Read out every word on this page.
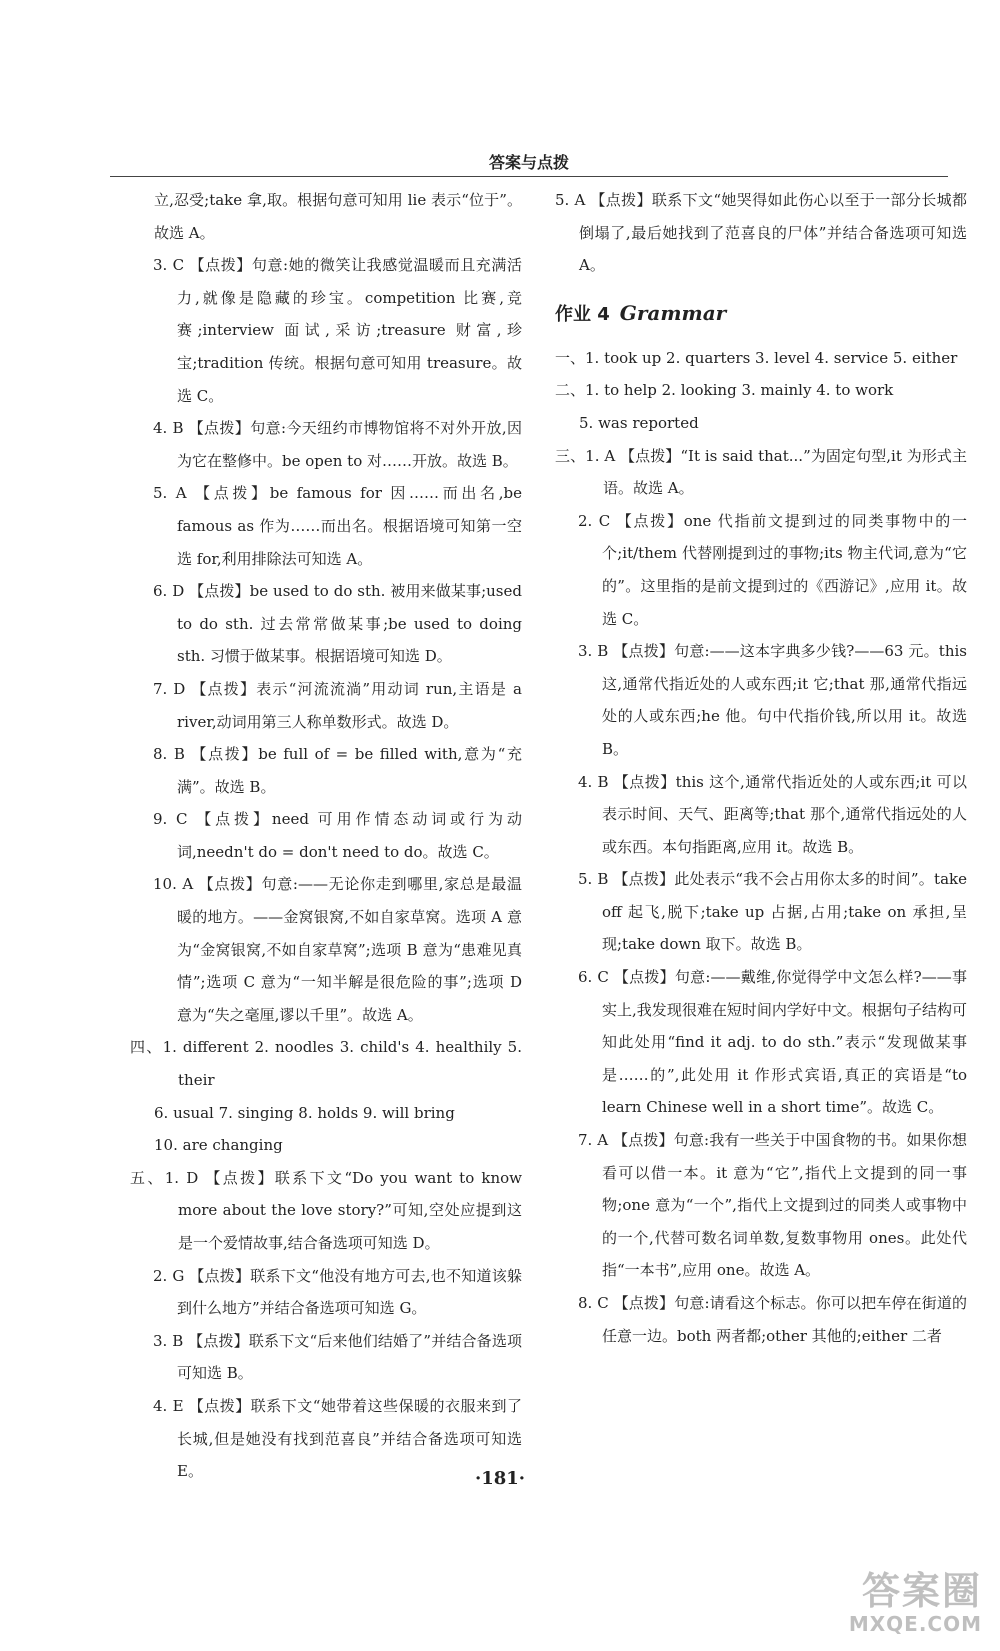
答案与点拨

立,忍受;take 拿,取。根据句意可知用 lie 表示“位于”。故选 A。

3. C 【点拨】句意:她的微笑让我感觉温暖而且充满活力,就像是隐藏的珍宝。competition 比赛,竞赛;interview 面试,采访;treasure 财富,珍宝;tradition 传统。根据句意可知用 treasure。故选 C。

4. B 【点拨】句意:今天纽约市博物馆将不对外开放,因为它在整修中。be open to 对……开放。故选 B。

5. A 【点拨】be famous for 因……而出名,be famous as 作为……而出名。根据语境可知第一空选 for,利用排除法可知选 A。

6. D 【点拨】be used to do sth. 被用来做某事;used to do sth. 过去常常做某事;be used to doing sth. 习惯于做某事。根据语境可知选 D。

7. D 【点拨】表示“河流流淌”用动词 run,主语是 a river,动词用第三人称单数形式。故选 D。

8. B 【点拨】be full of = be filled with,意为“充满”。故选 B。

9. C 【点拨】need 可用作情态动词或行为动词,needn't do = don't need to do。故选 C。

10. A 【点拨】句意:——无论你走到哪里,家总是最温暖的地方。——金窝银窝,不如自家草窝。选项 A 意为“金窝银窝,不如自家草窝”;选项 B 意为“患难见真情”;选项 C 意为“一知半解是很危险的事”;选项 D 意为“失之毫厘,谬以千里”。故选 A。

四、1. different 2. noodles 3. child's 4. healthily 5. their

6. usual 7. singing 8. holds 9. will bring

10. are changing

五、1. D 【点拨】联系下文“Do you want to know more about the love story?”可知,空处应提到这是一个爱情故事,结合备选项可知选 D。

2. G 【点拨】联系下文“他没有地方可去,也不知道该躲到什么地方”并结合备选项可知选 G。

3. B 【点拨】联系下文“后来他们结婚了”并结合备选项可知选 B。

4. E 【点拨】联系下文“她带着这些保暖的衣服来到了长城,但是她没有找到范喜良”并结合备选项可知选 E。

5. A 【点拨】联系下文“她哭得如此伤心以至于一部分长城都倒塌了,最后她找到了范喜良的尸体”并结合备选项可知选 A。

作业 4 Grammar

一、1. took up 2. quarters 3. level 4. service 5. either

二、1. to help 2. looking 3. mainly 4. to work

5. was reported

三、1. A 【点拨】“It is said that...”为固定句型,it 为形式主语。故选 A。

2. C 【点拨】one 代指前文提到过的同类事物中的一个;it/them 代替刚提到过的事物;its 物主代词,意为“它的”。这里指的是前文提到过的《西游记》,应用 it。故选 C。

3. B 【点拨】句意:——这本字典多少钱?——63 元。this 这,通常代指近处的人或东西;it 它;that 那,通常代指远处的人或东西;he 他。句中代指价钱,所以用 it。故选 B。

4. B 【点拨】this 这个,通常代指近处的人或东西;it 可以表示时间、天气、距离等;that 那个,通常代指远处的人或东西。本句指距离,应用 it。故选 B。

5. B 【点拨】此处表示“我不会占用你太多的时间”。take off 起飞,脱下;take up 占据,占用;take on 承担,呈现;take down 取下。故选 B。

6. C 【点拨】句意:——戴维,你觉得学中文怎么样?——事实上,我发现很难在短时间内学好中文。根据句子结构可知此处用“find it adj. to do sth.”表示“发现做某事是……的”,此处用 it 作形式宾语,真正的宾语是“to learn Chinese well in a short time”。故选 C。

7. A 【点拨】句意:我有一些关于中国食物的书。如果你想看可以借一本。it 意为“它”,指代上文提到的同一事物;one 意为“一个”,指代上文提到过的同类人或事物中的一个,代替可数名词单数,复数事物用 ones。此处代指“一本书”,应用 one。故选 A。

8. C 【点拨】句意:请看这个标志。你可以把车停在街道的任意一边。both 两者都;other 其他的;either 二者

·181·
答案圈
MXQE.COM
